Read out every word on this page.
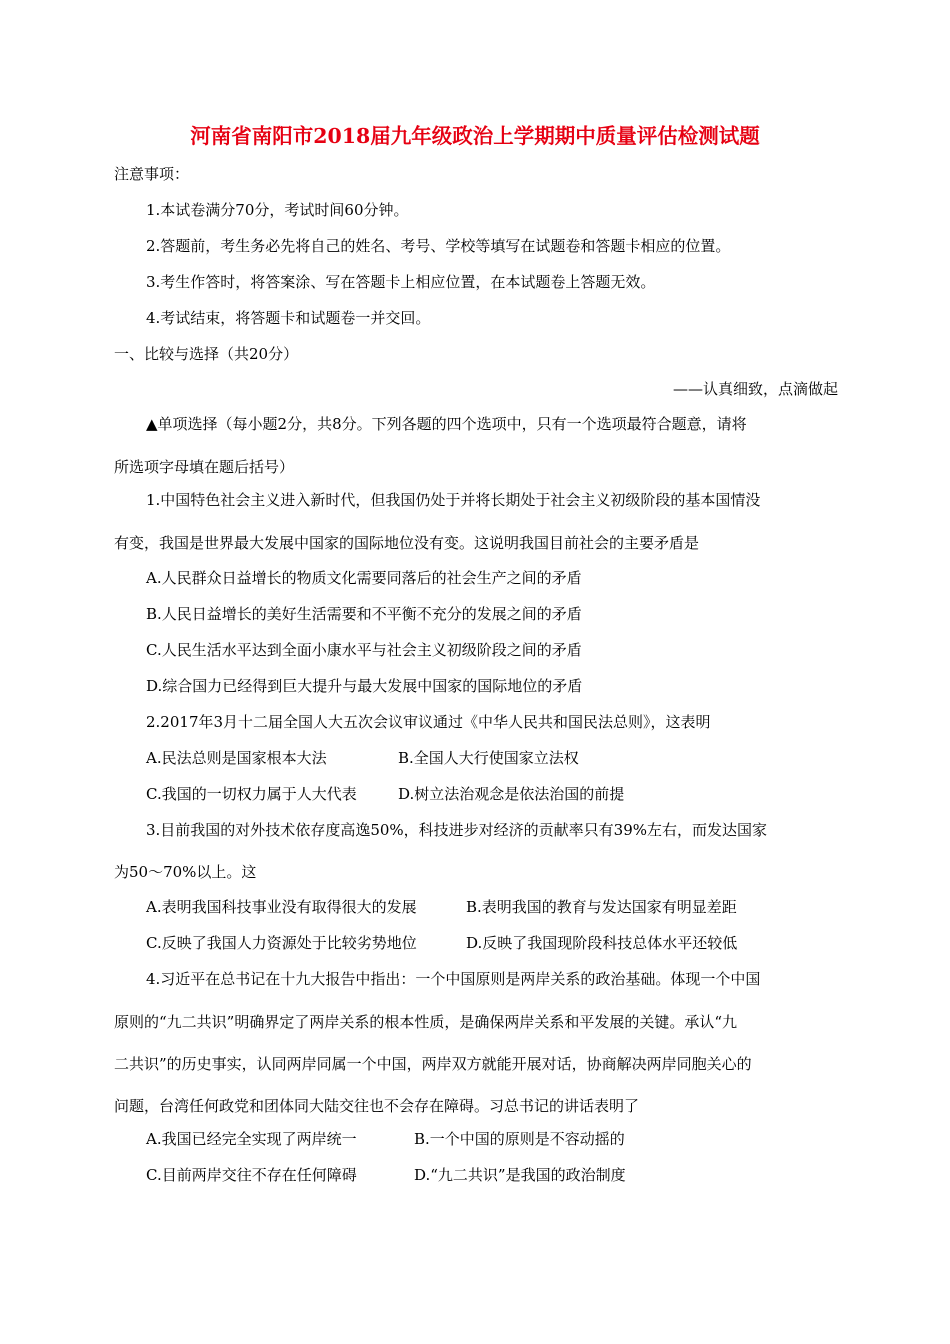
河南省南阳市2018届九年级政治上学期期中质量评估检测试题
注意事项：
1.本试卷满分70分，考试时间60分钟。
2.答题前，考生务必先将自己的姓名、考号、学校等填写在试题卷和答题卡相应的位置。
3.考生作答时，将答案涂、写在答题卡上相应位置，在本试题卷上答题无效。
4.考试结束，将答题卡和试题卷一并交回。
一、比较与选择（共20分）
——认真细致，点滴做起
▲单项选择（每小题2分，共8分。下列各题的四个选项中，只有一个选项最符合题意，请将
所选项字母填在题后括号）
1.中国特色社会主义进入新时代，但我国仍处于并将长期处于社会主义初级阶段的基本国情没
有变，我国是世界最大发展中国家的国际地位没有变。这说明我国目前社会的主要矛盾是
A.人民群众日益增长的物质文化需要同落后的社会生产之间的矛盾
B.人民日益增长的美好生活需要和不平衡不充分的发展之间的矛盾
C.人民生活水平达到全面小康水平与社会主义初级阶段之间的矛盾
D.综合国力已经得到巨大提升与最大发展中国家的国际地位的矛盾
2.2017年3月十二届全国人大五次会议审议通过《中华人民共和国民法总则》，这表明
A.民法总则是国家根本大法	B.全国人大行使国家立法权
C.我国的一切权力属于人大代表	D.树立法治观念是依法治国的前提
3.目前我国的对外技术依存度高逸50%，科技进步对经济的贡献率只有39%左右，而发达国家
为50～70%以上。这
A.表明我国科技事业没有取得很大的发展	B.表明我国的教育与发达国家有明显差距
C.反映了我国人力资源处于比较劣势地位	D.反映了我国现阶段科技总体水平还较低
4.习近平在总书记在十九大报告中指出：一个中国原则是两岸关系的政治基础。体现一个中国
原则的“九二共识”明确界定了两岸关系的根本性质，是确保两岸关系和平发展的关键。承认“九
二共识”的历史事实，认同两岸同属一个中国，两岸双方就能开展对话，协商解决两岸同胞关心的
问题，台湾任何政党和团体同大陆交往也不会存在障碍。习总书记的讲话表明了
A.我国已经完全实现了两岸统一	B.一个中国的原则是不容动摇的
C.目前两岸交往不存在任何障碍	D.“九二共识”是我国的政治制度
